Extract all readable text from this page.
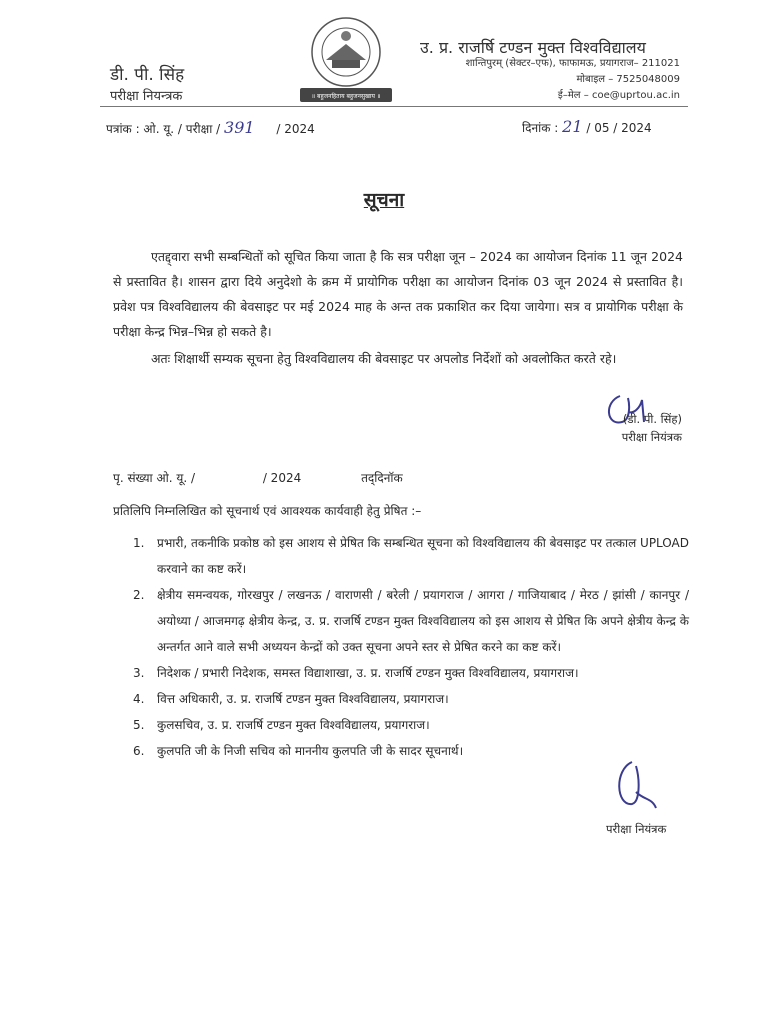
डी. पी. सिंह
परीक्षा नियन्त्रक	॥ बहुजनहिताय बहुजनसुखाय ॥
उ. प्र. राजर्षि टण्डन मुक्त विश्वविद्यालय
शान्तिपुरम् (सेक्टर–एफ), फाफामऊ, प्रयागराज– 211021
मोबाइल – 7525048009
ई–मेल – coe@uprtou.ac.in
पत्रांक : ओ. यू. / परीक्षा / 391 / 2024	दिनांक : 21 / 05 / 2024
सूचना
एतद्द्वारा सभी सम्बन्धितों को सूचित किया जाता है कि सत्र परीक्षा जून – 2024 का आयोजन दिनांक 11 जून 2024 से प्रस्तावित है। शासन द्वारा दिये अनुदेशो के क्रम में प्रायोगिक परीक्षा का आयोजन दिनांक 03 जून 2024 से प्रस्तावित है। प्रवेश पत्र विश्वविद्यालय की बेवसाइट पर मई 2024 माह के अन्त तक प्रकाशित कर दिया जायेगा। सत्र व प्रायोगिक परीक्षा के परीक्षा केन्द्र भिन्न–भिन्न हो सकते है।
अतः शिक्षार्थी सम्यक सूचना हेतु विश्वविद्यालय की बेवसाइट पर अपलोड निर्देशों को अवलोकित करते रहे।
(डी. पी. सिंह)
परीक्षा नियंत्रक
पृ. संख्या ओ. यू. /	/ 2024	तद्‌दिनॉक
प्रतिलिपि निम्नलिखित को सूचनार्थ एवं आवश्यक कार्यवाही हेतु प्रेषित :–
1. प्रभारी, तकनीकि प्रकोष्ठ को इस आशय से प्रेषित कि सम्बन्धित सूचना को विश्वविद्यालय की बेवसाइट पर तत्काल UPLOAD करवाने का कष्ट करें।
2. क्षेत्रीय समन्वयक, गोरखपुर / लखनऊ / वाराणसी / बरेली / प्रयागराज / आगरा / गाजियाबाद / मेरठ / झांसी / कानपुर / अयोध्या / आजमगढ़ क्षेत्रीय केन्द्र, उ. प्र. राजर्षि टण्डन मुक्त विश्वविद्यालय को इस आशय से प्रेषित कि अपने क्षेत्रीय केन्द्र के अन्तर्गत आने वाले सभी अध्ययन केन्द्रों को उक्त सूचना अपने स्तर से प्रेषित करने का कष्ट करें।
3. निदेशक / प्रभारी निदेशक, समस्त विद्याशाखा, उ. प्र. राजर्षि टण्डन मुक्त विश्वविद्यालय, प्रयागराज।
4. वित्त अधिकारी, उ. प्र. राजर्षि टण्डन मुक्त विश्वविद्यालय, प्रयागराज।
5. कुलसचिव, उ. प्र. राजर्षि टण्डन मुक्त विश्वविद्यालय, प्रयागराज।
6. कुलपति जी के निजी सचिव को माननीय कुलपति जी के सादर सूचनार्थ।
परीक्षा नियंत्रक
